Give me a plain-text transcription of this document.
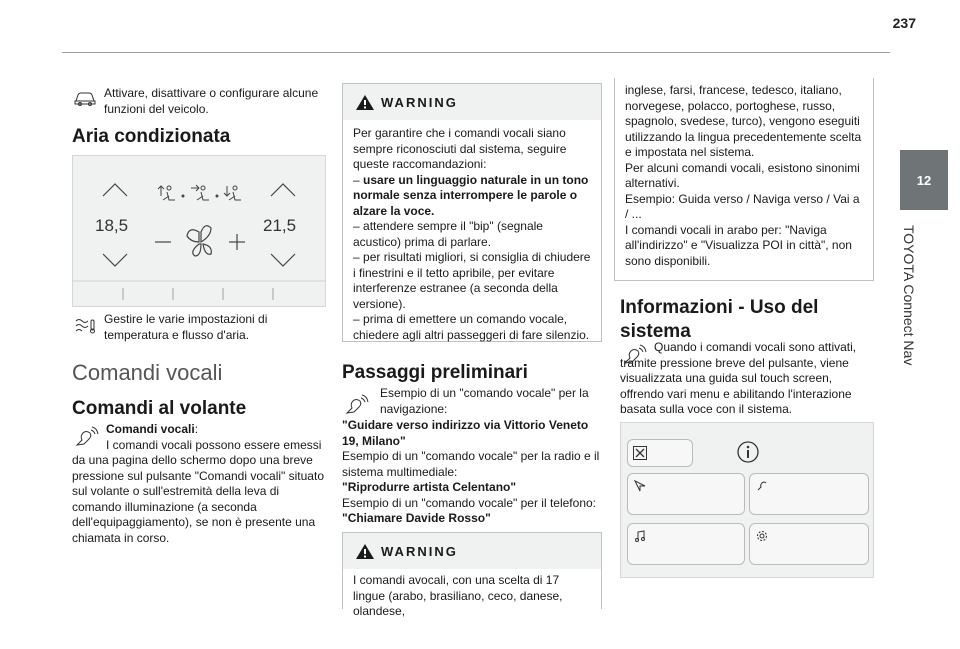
237
12
TOYOTA Connect Nav
Attivare, disattivare o configurare alcune funzioni del veicolo.
Aria condizionata
18,5	21,5
Gestire le varie impostazioni di temperatura e flusso d'aria.
Comandi vocali
Comandi al volante
Comandi vocali:
I comandi vocali possono essere emessi da una pagina dello schermo dopo una breve pressione sul pulsante "Comandi vocali" situato sul volante o sull'estremità della leva di comando illuminazione (a seconda dell'equipaggiamento), se non è presente una chiamata in corso.
WARNING
Per garantire che i comandi vocali siano sempre riconosciuti dal sistema, seguire queste raccomandazioni:
– usare un linguaggio naturale in un tono normale senza interrompere le parole o alzare la voce.
– attendere sempre il "bip" (segnale acustico) prima di parlare.
– per risultati migliori, si consiglia di chiudere i finestrini e il tetto apribile, per evitare interferenze estranee (a seconda della versione).
– prima di emettere un comando vocale, chiedere agli altri passeggeri di fare silenzio.
Passaggi preliminari
Esempio di un "comando vocale" per la navigazione:
"Guidare verso indirizzo via Vittorio Veneto 19, Milano"
Esempio di un "comando vocale" per la radio e il sistema multimediale:
"Riprodurre artista Celentano"
Esempio di un "comando vocale" per il telefono:
"Chiamare Davide Rosso"
WARNING
I comandi avocali, con una scelta di 17 lingue (arabo, brasiliano, ceco, danese, olandese,
inglese, farsi, francese, tedesco, italiano, norvegese, polacco, portoghese, russo, spagnolo, svedese, turco), vengono eseguiti utilizzando la lingua precedentemente scelta e impostata nel sistema.
Per alcuni comandi vocali, esistono sinonimi alternativi.
Esempio: Guida verso / Naviga verso / Vai a / ...
I comandi vocali in arabo per: "Naviga all'indirizzo" e "Visualizza POI in città", non sono disponibili.
Informazioni - Uso del sistema
Quando i comandi vocali sono attivati, tramite pressione breve del pulsante, viene visualizzata una guida sul touch screen, offrendo vari menu e abilitando l'interazione basata sulla voce con il sistema.
